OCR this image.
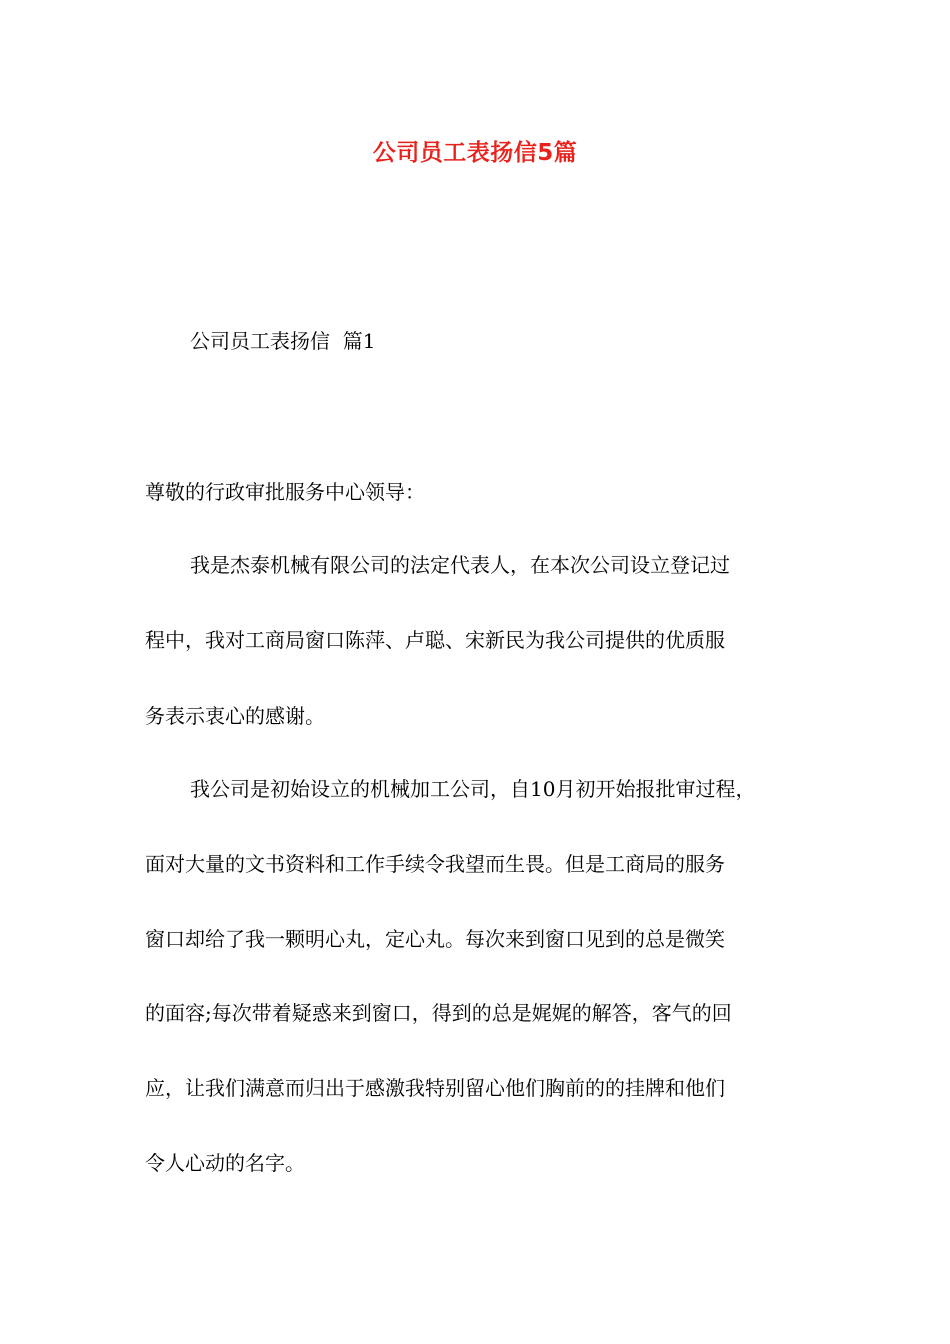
公司员工表扬信5篇
公司员工表扬信  篇1
尊敬的行政审批服务中心领导：
我是杰泰机械有限公司的法定代表人，在本次公司设立登记过
程中，我对工商局窗口陈萍、卢聪、宋新民为我公司提供的优质服
务表示衷心的感谢。
我公司是初始设立的机械加工公司，自10月初开始报批审过程，
面对大量的文书资料和工作手续令我望而生畏。但是工商局的服务
窗口却给了我一颗明心丸，定心丸。每次来到窗口见到的总是微笑
的面容;每次带着疑惑来到窗口，得到的总是娓娓的解答，客气的回
应，让我们满意而归出于感激我特别留心他们胸前的的挂牌和他们
令人心动的名字。
